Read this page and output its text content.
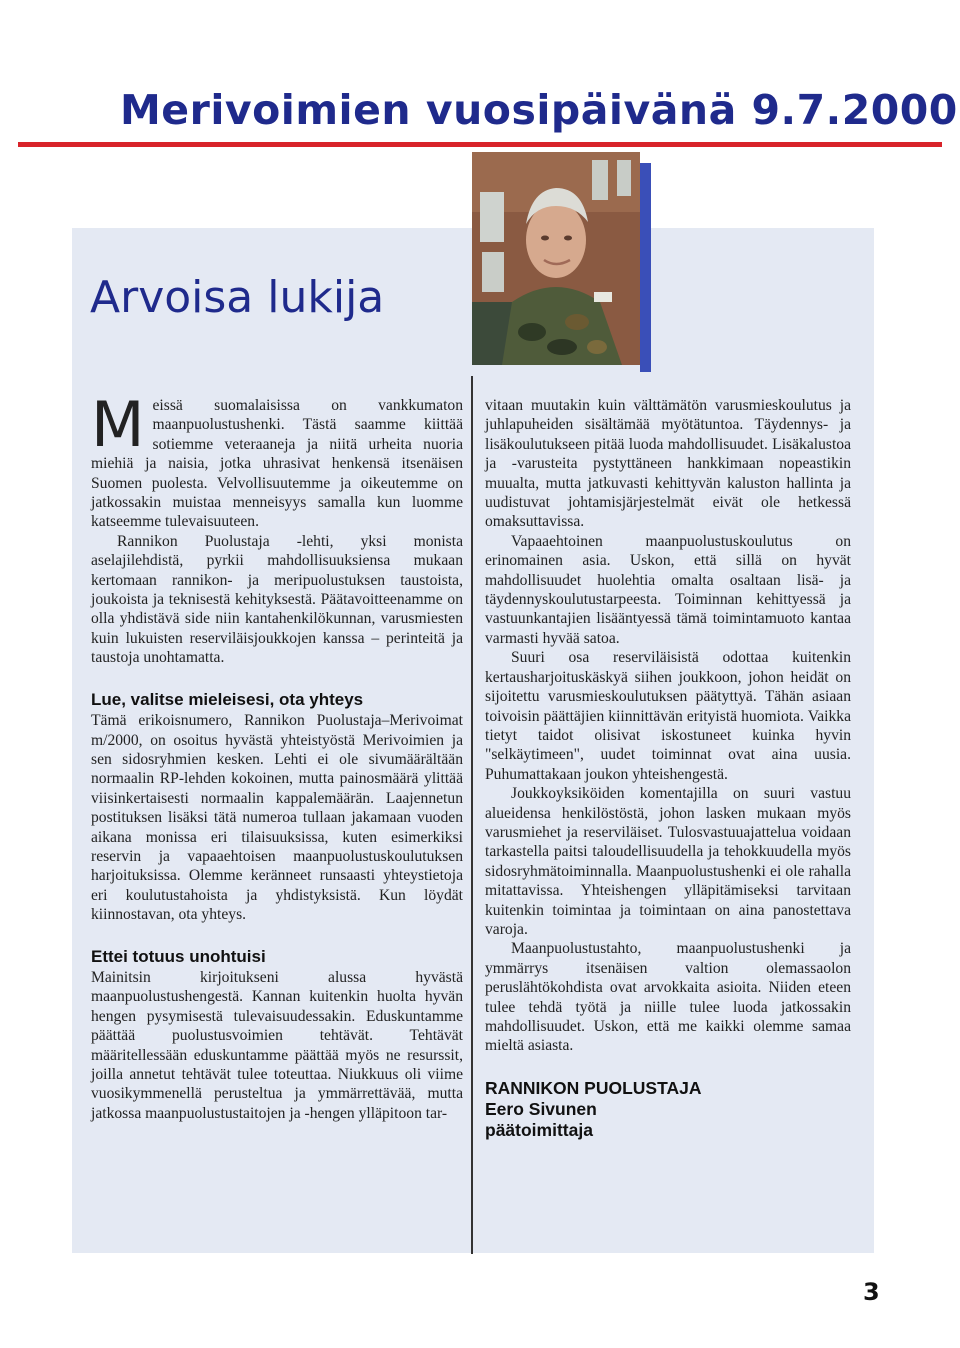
Merivoimien vuosipäivänä 9.7.2000
Arvoisa lukija

Meissä suomalaisissa on vankkumaton maanpuolustushenki. Tästä saamme kiittää sotiemme veteraaneja ja niitä urheita nuoria miehiä ja naisia, jotka uhrasivat henkensä itsenäisen Suomen puolesta. Velvollisuutemme ja oikeutemme on jatkossakin muistaa menneisyys samalla kun luomme katseemme tulevaisuuteen.

Rannikon Puolustaja -lehti, yksi monista aselajilehdistä, pyrkii mahdollisuuksiensa mukaan kertomaan rannikon- ja meripuolustuksen taustoista, joukoista ja teknisestä kehityksestä. Päätavoitteenamme on olla yhdistävä side niin kantahenkilökunnan, varusmiesten kuin lukuisten reserviläisjoukkojen kanssa – perinteitä ja taustoja unohtamatta.

Lue, valitse mieleisesi, ota yhteys

Tämä erikoisnumero, Rannikon Puolustaja–Merivoimat m/2000, on osoitus hyvästä yhteistyöstä Merivoimien ja sen sidosryhmien kesken. Lehti ei ole sivumäärältään normaalin RP-lehden kokoinen, mutta painosmäärä ylittää viisinkertaisesti normaalin kappalemäärän. Laajennetun postituksen lisäksi tätä numeroa tullaan jakamaan vuoden aikana monissa eri tilaisuuksissa, kuten esimerkiksi reservin ja vapaaehtoisen maanpuolustuskoulutuksen harjoituksissa. Olemme keränneet runsaasti yhteystietoja eri koulutustahoista ja yhdistyksistä. Kun löydät kiinnostavan, ota yhteys.

Ettei totuus unohtuisi

Mainitsin kirjoitukseni alussa hyvästä maanpuolustushengestä. Kannan kuitenkin huolta hyvän hengen pysymisestä tulevaisuudessakin. Eduskuntamme päättää puolustusvoimien tehtävät. Tehtävät määritellessään eduskuntamme päättää myös ne resurssit, joilla annetut tehtävät tulee toteuttaa. Niukkuus oli viime vuosikymmenellä perusteltua ja ymmärrettävää, mutta jatkossa maanpuolustustaitojen ja -hengen ylläpitoon tar-

vitaan muutakin kuin välttämätön varusmieskoulutus ja juhlapuheiden sisältämää myötätuntoa. Täydennys- ja lisäkoulutukseen pitää luoda mahdollisuudet. Lisäkalustoa ja -varusteita pystyttäneen hankkimaan nopeastikin muualta, mutta jatkuvasti kehittyvän kaluston hallinta ja uudistuvat johtamisjärjestelmät eivät ole hetkessä omaksuttavissa.

Vapaaehtoinen maanpuolustuskoulutus on erinomainen asia. Uskon, että sillä on hyvät mahdollisuudet huolehtia omalta osaltaan lisä- ja täydennyskoulutustarpeesta. Toiminnan kehittyessä ja vastuunkantajien lisääntyessä tämä toimintamuoto kantaa varmasti hyvää satoa.

Suuri osa reserviläisistä odottaa kuitenkin kertausharjoituskäskyä siihen joukkoon, johon heidät on sijoitettu varusmieskoulutuksen päätyttyä. Tähän asiaan toivoisin päättäjien kiinnittävän erityistä huomiota. Vaikka tietyt taidot olisivat iskostuneet kuinka hyvin "selkäytimeen", uudet toiminnat ovat aina uusia. Puhumattakaan joukon yhteishengestä.

Joukkoyksiköiden komentajilla on suuri vastuu alueidensa henkilöstöstä, johon lasken mukaan myös varusmiehet ja reserviläiset. Tulosvastuuajattelua voidaan tarkastella paitsi taloudellisuudella ja tehokkuudella myös sidosryhmätoiminnalla. Maanpuolustushenki ei ole rahalla mitattavissa. Yhteishengen ylläpitämiseksi tarvitaan kuitenkin toimintaa ja toimintaan on aina panostettava varoja.

Maanpuolustustahto, maanpuolustushenki ja ymmärrys itsenäisen valtion olemassaolon peruslähtökohdista ovat arvokkaita asioita. Niiden eteen tulee tehdä työtä ja niille tulee luoda jatkossakin mahdollisuudet. Uskon, että me kaikki olemme samaa mieltä asiasta.

RANNIKON PUOLUSTAJA
Eero Sivunen
päätoimittaja
3
